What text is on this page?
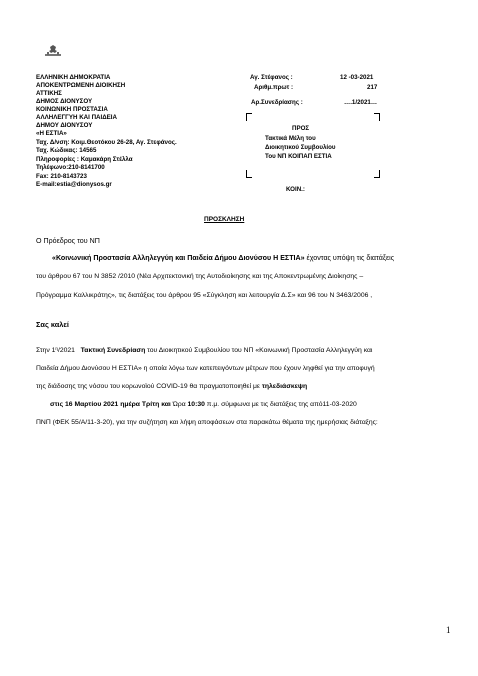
ΕΛΛΗΝΙΚΗ ΔΗΜΟΚΡΑΤΙΑ
ΑΠΟΚΕΝΤΡΩΜΕΝΗ ΔΙΟΙΚΗΣΗ
ΑΤΤΙΚΗΣ
ΔΗΜΟΣ ΔΙΟΝΥΣΟΥ
ΚΟΙΝΩΝΙΚΗ ΠΡΟΣΤΑΣΙΑ
ΑΛΛΗΛΕΓΓΥΗ ΚΑΙ ΠΑΙΔΕΙΑ
ΔΗΜΟΥ ΔΙΟΝΥΣΟΥ
«Η ΕΣΤΙΑ»
Ταχ. Δ/νση: Κοιμ.Θεοτόκου 26-28, Αγ. Στεφάνος.
Ταχ. Κώδικας: 14565
Πληροφορίες : Καμακάρη Στέλλα
Τηλέφωνο:210-8141700
Fax: 210-8143723
E-mail:estia@dionysos.gr
Αγ. Στέφανος :	12 -03-2021
Αριθμ.πρωτ :	217
Αρ.Συνεδρίασης :	….1/2021…
ΠΡΟΣ
Τακτικά Μέλη του
Διοικητικού Συμβουλίου
Του ΝΠ ΚΟΙΠΑΠ ΕΣΤΙΑ
ΚΟΙΝ.:
ΠΡΟΣΚΛΗΣΗ
Ο Πρόεδρος του ΝΠ
«Κοινωνική Προστασία Αλληλεγγύη και Παιδεία Δήμου Διονύσου Η ΕΣΤΙΑ» έχοντας υπόψη τις διατάξεις
του άρθρου 67 του Ν 3852 /2010 (Νέα Αρχιτεκτονική της Αυτοδιοίκησης και της Αποκεντρωμένης Διοίκησης –
Πρόγραμμα Καλλικράτης», τις διατάξεις του άρθρου 95 «Σύγκληση και λειτουργία Δ.Σ» και 96 του Ν 3463/2006 ,
Σας καλεί
Στην $1^\eta/2021$ Τακτική Συνεδρίαση του Διοικητικού Συμβουλίου του ΝΠ «Κοινωνική Προστασία Αλληλεγγύη και
Παιδεία Δήμου Διονύσου Η ΕΣΤΙΑ» η οποία λόγω των κατεπειγόντων μέτρων που έχουν ληφθεί για την αποφυγή
της διάδοσης της νόσου του κορωνοϊού COVID-19 θα πραγματοποιηθεί με τηλεδιάσκεψη
στις 16 Μαρτίου 2021 ημέρα Τρίτη και Ώρα 10:30 π.μ. σύμφωνα με τις διατάξεις της από11-03-2020
ΠΝΠ (ΦΕΚ 55/Α/11-3-20), για την συζήτηση και λήψη αποφάσεων στα παρακάτω θέματα της ημερήσιας διάταξης:
1
